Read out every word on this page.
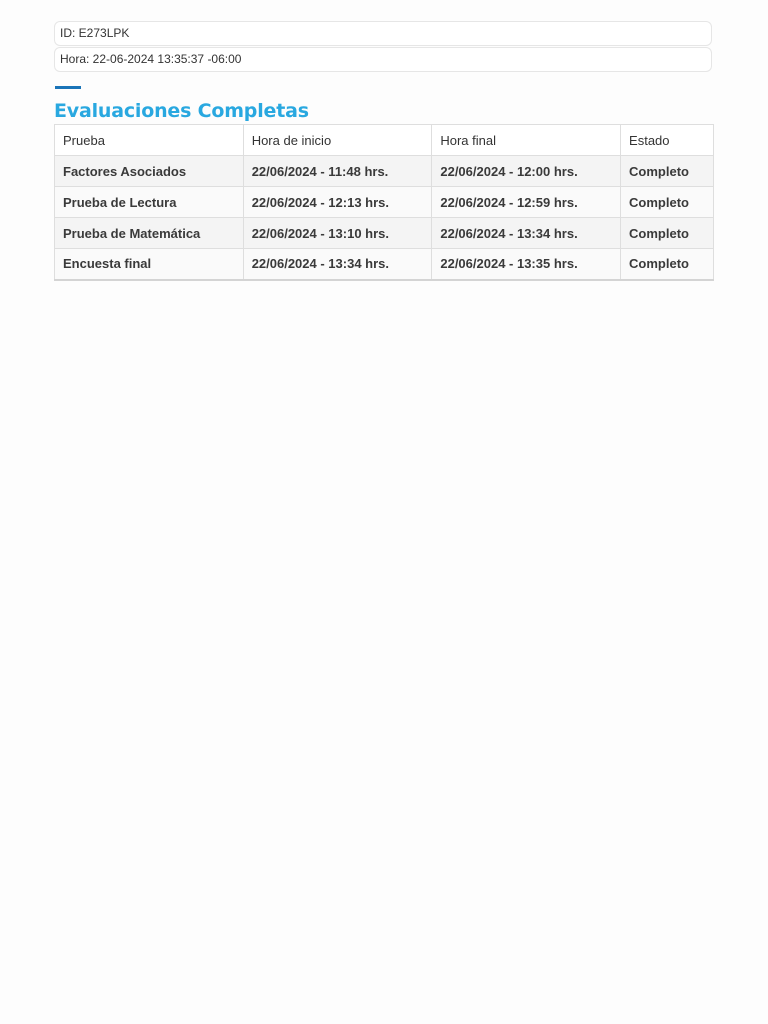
ID: E273LPK
Hora: 22-06-2024 13:35:37 -06:00
Evaluaciones Completas
Prueba	Hora de inicio	Hora final	Estado
Factores Asociados	22/06/2024 - 11:48 hrs.	22/06/2024 - 12:00 hrs.	Completo
Prueba de Lectura	22/06/2024 - 12:13 hrs.	22/06/2024 - 12:59 hrs.	Completo
Prueba de Matemática	22/06/2024 - 13:10 hrs.	22/06/2024 - 13:34 hrs.	Completo
Encuesta final	22/06/2024 - 13:34 hrs.	22/06/2024 - 13:35 hrs.	Completo
